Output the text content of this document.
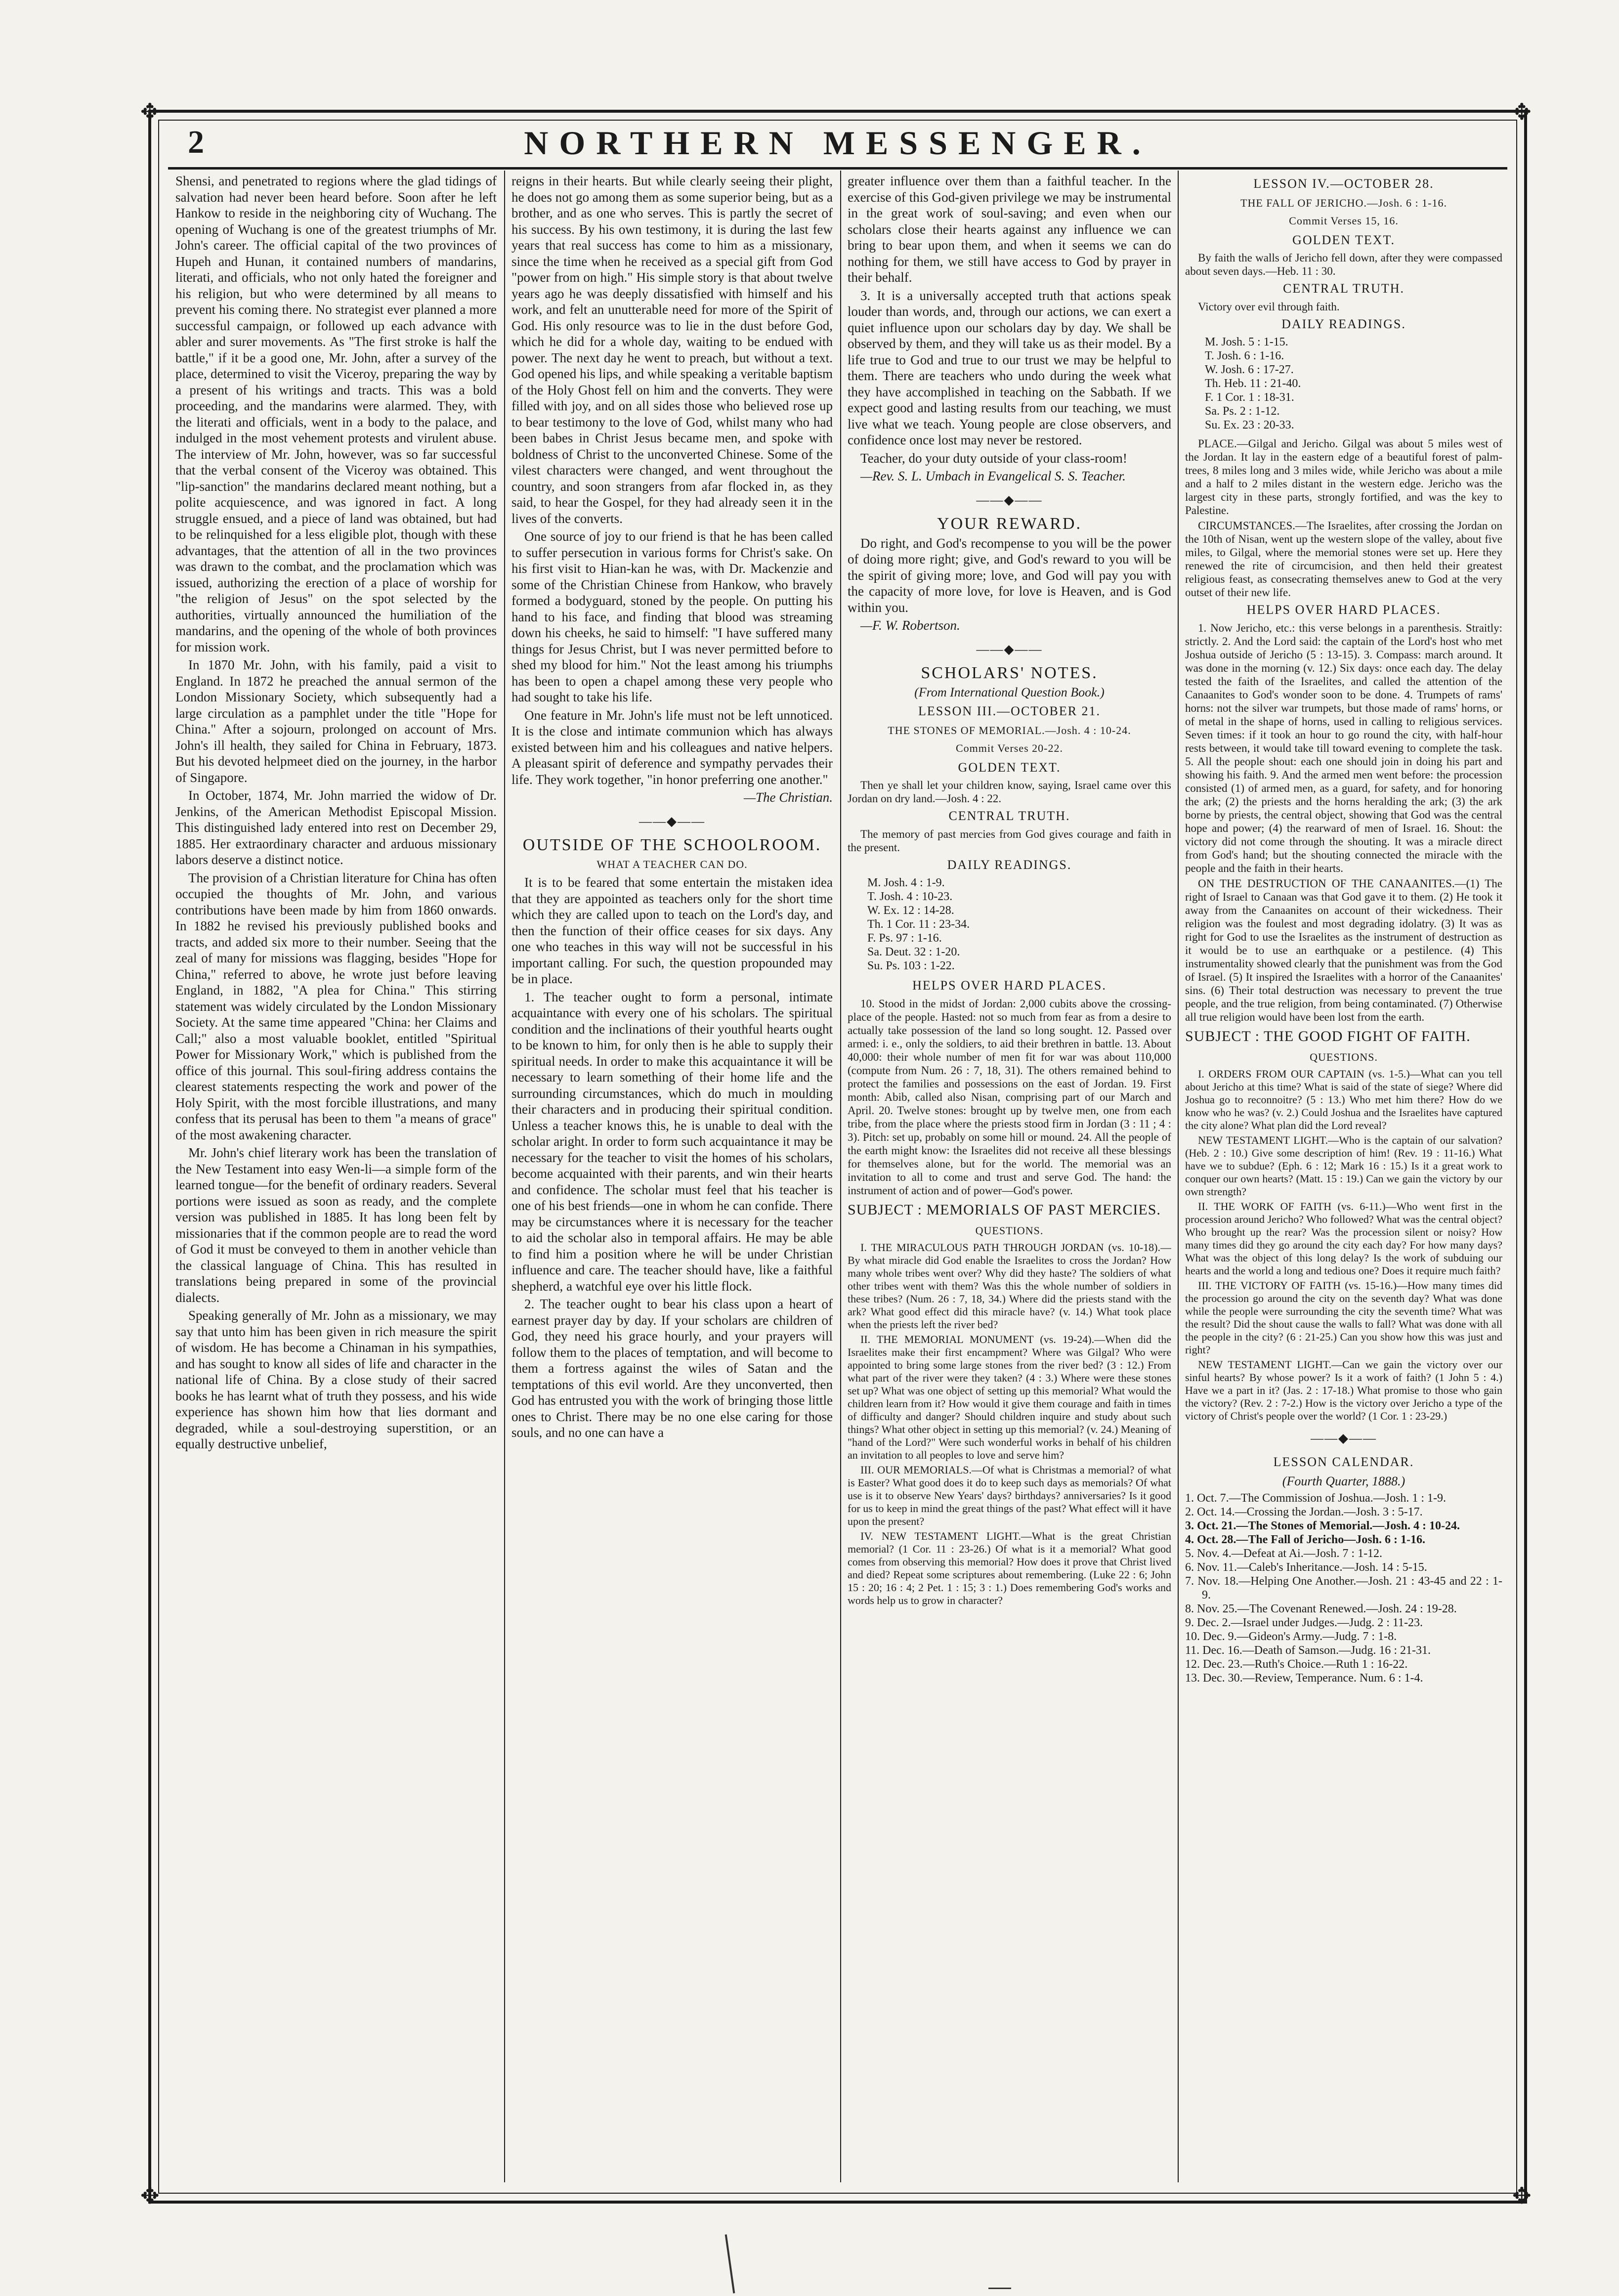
✥	✥
✥	✥
2	NORTHERN MESSENGER.

Shensi, and penetrated to regions where the glad tidings of salvation had never been heard before. Soon after he left Hankow to reside in the neighboring city of Wuchang. The opening of Wuchang is one of the greatest triumphs of Mr. John's career. The official capital of the two provinces of Hupeh and Hunan, it contained numbers of mandarins, literati, and officials, who not only hated the foreigner and his religion, but who were determined by all means to prevent his coming there. No strategist ever planned a more successful campaign, or followed up each advance with abler and surer movements. As "The first stroke is half the battle," if it be a good one, Mr. John, after a survey of the place, determined to visit the Viceroy, preparing the way by a present of his writings and tracts. This was a bold proceeding, and the mandarins were alarmed. They, with the literati and officials, went in a body to the palace, and indulged in the most vehement protests and virulent abuse. The interview of Mr. John, however, was so far successful that the verbal consent of the Viceroy was obtained. This "lip-sanction" the mandarins declared meant nothing, but a polite acquiescence, and was ignored in fact. A long struggle ensued, and a piece of land was obtained, but had to be relinquished for a less eligible plot, though with these advantages, that the attention of all in the two provinces was drawn to the combat, and the proclamation which was issued, authorizing the erection of a place of worship for "the religion of Jesus" on the spot selected by the authorities, virtually announced the humiliation of the mandarins, and the opening of the whole of both provinces for mission work.

In 1870 Mr. John, with his family, paid a visit to England. In 1872 he preached the annual sermon of the London Missionary Society, which subsequently had a large circulation as a pamphlet under the title "Hope for China." After a sojourn, prolonged on account of Mrs. John's ill health, they sailed for China in February, 1873. But his devoted helpmeet died on the journey, in the harbor of Singapore.

In October, 1874, Mr. John married the widow of Dr. Jenkins, of the American Methodist Episcopal Mission. This distinguished lady entered into rest on December 29, 1885. Her extraordinary character and arduous missionary labors deserve a distinct notice.

The provision of a Christian literature for China has often occupied the thoughts of Mr. John, and various contributions have been made by him from 1860 onwards. In 1882 he revised his previously published books and tracts, and added six more to their number. Seeing that the zeal of many for missions was flagging, besides "Hope for China," referred to above, he wrote just before leaving England, in 1882, "A plea for China." This stirring statement was widely circulated by the London Missionary Society. At the same time appeared "China: her Claims and Call;" also a most valuable booklet, entitled "Spiritual Power for Missionary Work," which is published from the office of this journal. This soul-firing address contains the clearest statements respecting the work and power of the Holy Spirit, with the most forcible illustrations, and many confess that its perusal has been to them "a means of grace" of the most awakening character.

Mr. John's chief literary work has been the translation of the New Testament into easy Wen-li—a simple form of the learned tongue—for the benefit of ordinary readers. Several portions were issued as soon as ready, and the complete version was published in 1885. It has long been felt by missionaries that if the common people are to read the word of God it must be conveyed to them in another vehicle than the classical language of China. This has resulted in translations being prepared in some of the provincial dialects.

Speaking generally of Mr. John as a missionary, we may say that unto him has been given in rich measure the spirit of wisdom. He has become a Chinaman in his sympathies, and has sought to know all sides of life and character in the national life of China. By a close study of their sacred books he has learnt what of truth they possess, and his wide experience has shown him how that lies dormant and degraded, while a soul-destroying superstition, or an equally destructive unbelief,

reigns in their hearts. But while clearly seeing their plight, he does not go among them as some superior being, but as a brother, and as one who serves. This is partly the secret of his success. By his own testimony, it is during the last few years that real success has come to him as a missionary, since the time when he received as a special gift from God "power from on high." His simple story is that about twelve years ago he was deeply dissatisfied with himself and his work, and felt an unutterable need for more of the Spirit of God. His only resource was to lie in the dust before God, which he did for a whole day, waiting to be endued with power. The next day he went to preach, but without a text. God opened his lips, and while speaking a veritable baptism of the Holy Ghost fell on him and the converts. They were filled with joy, and on all sides those who believed rose up to bear testimony to the love of God, whilst many who had been babes in Christ Jesus became men, and spoke with boldness of Christ to the unconverted Chinese. Some of the vilest characters were changed, and went throughout the country, and soon strangers from afar flocked in, as they said, to hear the Gospel, for they had already seen it in the lives of the converts.

One source of joy to our friend is that he has been called to suffer persecution in various forms for Christ's sake. On his first visit to Hian-kan he was, with Dr. Mackenzie and some of the Christian Chinese from Hankow, who bravely formed a bodyguard, stoned by the people. On putting his hand to his face, and finding that blood was streaming down his cheeks, he said to himself: "I have suffered many things for Jesus Christ, but I was never permitted before to shed my blood for him." Not the least among his triumphs has been to open a chapel among these very people who had sought to take his life.

One feature in Mr. John's life must not be left unnoticed. It is the close and intimate communion which has always existed between him and his colleagues and native helpers. A pleasant spirit of deference and sympathy pervades their life. They work together, "in honor preferring one another."

—The Christian.

——◆——
OUTSIDE OF THE SCHOOLROOM.
WHAT A TEACHER CAN DO.

It is to be feared that some entertain the mistaken idea that they are appointed as teachers only for the short time which they are called upon to teach on the Lord's day, and then the function of their office ceases for six days. Any one who teaches in this way will not be successful in his important calling. For such, the question propounded may be in place.

1. The teacher ought to form a personal, intimate acquaintance with every one of his scholars. The spiritual condition and the inclinations of their youthful hearts ought to be known to him, for only then is he able to supply their spiritual needs. In order to make this acquaintance it will be necessary to learn something of their home life and the surrounding circumstances, which do much in moulding their characters and in producing their spiritual condition. Unless a teacher knows this, he is unable to deal with the scholar aright. In order to form such acquaintance it may be necessary for the teacher to visit the homes of his scholars, become acquainted with their parents, and win their hearts and confidence. The scholar must feel that his teacher is one of his best friends—one in whom he can confide. There may be circumstances where it is necessary for the teacher to aid the scholar also in temporal affairs. He may be able to find him a position where he will be under Christian influence and care. The teacher should have, like a faithful shepherd, a watchful eye over his little flock.

2. The teacher ought to bear his class upon a heart of earnest prayer day by day. If your scholars are children of God, they need his grace hourly, and your prayers will follow them to the places of temptation, and will become to them a fortress against the wiles of Satan and the temptations of this evil world. Are they unconverted, then God has entrusted you with the work of bringing those little ones to Christ. There may be no one else caring for those souls, and no one can have a

greater influence over them than a faithful teacher. In the exercise of this God-given privilege we may be instrumental in the great work of soul-saving; and even when our scholars close their hearts against any influence we can bring to bear upon them, and when it seems we can do nothing for them, we still have access to God by prayer in their behalf.

3. It is a universally accepted truth that actions speak louder than words, and, through our actions, we can exert a quiet influence upon our scholars day by day. We shall be observed by them, and they will take us as their model. By a life true to God and true to our trust we may be helpful to them. There are teachers who undo during the week what they have accomplished in teaching on the Sabbath. If we expect good and lasting results from our teaching, we must live what we teach. Young people are close observers, and confidence once lost may never be restored.

Teacher, do your duty outside of your class-room!

—Rev. S. L. Umbach in Evangelical S. S. Teacher.

——◆——
YOUR REWARD.

Do right, and God's recompense to you will be the power of doing more right; give, and God's reward to you will be the spirit of giving more; love, and God will pay you with the capacity of more love, for love is Heaven, and is God within you.

—F. W. Robertson.

——◆——
SCHOLARS' NOTES.
(From International Question Book.)
LESSON III.—OCTOBER 21.
THE STONES OF MEMORIAL.—Josh. 4 : 10-24.
Commit Verses 20-22.
GOLDEN TEXT.

Then ye shall let your children know, saying, Israel came over this Jordan on dry land.—Josh. 4 : 22.

CENTRAL TRUTH.

The memory of past mercies from God gives courage and faith in the present.

DAILY READINGS.
M. Josh. 4 : 1-9.
T. Josh. 4 : 10-23.
W. Ex. 12 : 14-28.
Th. 1 Cor. 11 : 23-34.
F. Ps. 97 : 1-16.
Sa. Deut. 32 : 1-20.
Su. Ps. 103 : 1-22.
HELPS OVER HARD PLACES.

10. Stood in the midst of Jordan: 2,000 cubits above the crossing-place of the people. Hasted: not so much from fear as from a desire to actually take possession of the land so long sought. 12. Passed over armed: i. e., only the soldiers, to aid their brethren in battle. 13. About 40,000: their whole number of men fit for war was about 110,000 (compute from Num. 26 : 7, 18, 31). The others remained behind to protect the families and possessions on the east of Jordan. 19. First month: Abib, called also Nisan, comprising part of our March and April. 20. Twelve stones: brought up by twelve men, one from each tribe, from the place where the priests stood firm in Jordan (3 : 11 ; 4 : 3). Pitch: set up, probably on some hill or mound. 24. All the people of the earth might know: the Israelites did not receive all these blessings for themselves alone, but for the world. The memorial was an invitation to all to come and trust and serve God. The hand: the instrument of action and of power—God's power.

SUBJECT : MEMORIALS OF PAST MERCIES.
QUESTIONS.

I. THE MIRACULOUS PATH THROUGH JORDAN (vs. 10-18).—By what miracle did God enable the Israelites to cross the Jordan? How many whole tribes went over? Why did they haste? The soldiers of what other tribes went with them? Was this the whole number of soldiers in these tribes? (Num. 26 : 7, 18, 34.) Where did the priests stand with the ark? What good effect did this miracle have? (v. 14.) What took place when the priests left the river bed?

II. THE MEMORIAL MONUMENT (vs. 19-24).—When did the Israelites make their first encampment? Where was Gilgal? Who were appointed to bring some large stones from the river bed? (3 : 12.) From what part of the river were they taken? (4 : 3.) Where were these stones set up? What was one object of setting up this memorial? What would the children learn from it? How would it give them courage and faith in times of difficulty and danger? Should children inquire and study about such things? What other object in setting up this memorial? (v. 24.) Meaning of "hand of the Lord?" Were such wonderful works in behalf of his children an invitation to all peoples to love and serve him?

III. OUR MEMORIALS.—Of what is Christmas a memorial? of what is Easter? What good does it do to keep such days as memorials? Of what use is it to observe New Years' days? birthdays? anniversaries? Is it good for us to keep in mind the great things of the past? What effect will it have upon the present?

IV. NEW TESTAMENT LIGHT.—What is the great Christian memorial? (1 Cor. 11 : 23-26.) Of what is it a memorial? What good comes from observing this memorial? How does it prove that Christ lived and died? Repeat some scriptures about remembering. (Luke 22 : 6; John 15 : 20; 16 : 4; 2 Pet. 1 : 15; 3 : 1.) Does remembering God's works and words help us to grow in character?

LESSON IV.—OCTOBER 28.
THE FALL OF JERICHO.—Josh. 6 : 1-16.
Commit Verses 15, 16.
GOLDEN TEXT.

By faith the walls of Jericho fell down, after they were compassed about seven days.—Heb. 11 : 30.

CENTRAL TRUTH.

Victory over evil through faith.

DAILY READINGS.
M. Josh. 5 : 1-15.
T. Josh. 6 : 1-16.
W. Josh. 6 : 17-27.
Th. Heb. 11 : 21-40.
F. 1 Cor. 1 : 18-31.
Sa. Ps. 2 : 1-12.
Su. Ex. 23 : 20-33.

PLACE.—Gilgal and Jericho. Gilgal was about 5 miles west of the Jordan. It lay in the eastern edge of a beautiful forest of palm-trees, 8 miles long and 3 miles wide, while Jericho was about a mile and a half to 2 miles distant in the western edge. Jericho was the largest city in these parts, strongly fortified, and was the key to Palestine.

CIRCUMSTANCES.—The Israelites, after crossing the Jordan on the 10th of Nisan, went up the western slope of the valley, about five miles, to Gilgal, where the memorial stones were set up. Here they renewed the rite of circumcision, and then held their greatest religious feast, as consecrating themselves anew to God at the very outset of their new life.

HELPS OVER HARD PLACES.

1. Now Jericho, etc.: this verse belongs in a parenthesis. Straitly: strictly. 2. And the Lord said: the captain of the Lord's host who met Joshua outside of Jericho (5 : 13-15). 3. Compass: march around. It was done in the morning (v. 12.) Six days: once each day. The delay tested the faith of the Israelites, and called the attention of the Canaanites to God's wonder soon to be done. 4. Trumpets of rams' horns: not the silver war trumpets, but those made of rams' horns, or of metal in the shape of horns, used in calling to religious services. Seven times: if it took an hour to go round the city, with half-hour rests between, it would take till toward evening to complete the task. 5. All the people shout: each one should join in doing his part and showing his faith. 9. And the armed men went before: the procession consisted (1) of armed men, as a guard, for safety, and for honoring the ark; (2) the priests and the horns heralding the ark; (3) the ark borne by priests, the central object, showing that God was the central hope and power; (4) the rearward of men of Israel. 16. Shout: the victory did not come through the shouting. It was a miracle direct from God's hand; but the shouting connected the miracle with the people and the faith in their hearts.

ON THE DESTRUCTION OF THE CANAANITES.—(1) The right of Israel to Canaan was that God gave it to them. (2) He took it away from the Canaanites on account of their wickedness. Their religion was the foulest and most degrading idolatry. (3) It was as right for God to use the Israelites as the instrument of destruction as it would be to use an earthquake or a pestilence. (4) This instrumentality showed clearly that the punishment was from the God of Israel. (5) It inspired the Israelites with a horror of the Canaanites' sins. (6) Their total destruction was necessary to prevent the true people, and the true religion, from being contaminated. (7) Otherwise all true religion would have been lost from the earth.

SUBJECT : THE GOOD FIGHT OF FAITH.
QUESTIONS.

I. ORDERS FROM OUR CAPTAIN (vs. 1-5.)—What can you tell about Jericho at this time? What is said of the state of siege? Where did Joshua go to reconnoitre? (5 : 13.) Who met him there? How do we know who he was? (v. 2.) Could Joshua and the Israelites have captured the city alone? What plan did the Lord reveal?

NEW TESTAMENT LIGHT.—Who is the captain of our salvation? (Heb. 2 : 10.) Give some description of him! (Rev. 19 : 11-16.) What have we to subdue? (Eph. 6 : 12; Mark 16 : 15.) Is it a great work to conquer our own hearts? (Matt. 15 : 19.) Can we gain the victory by our own strength?

II. THE WORK OF FAITH (vs. 6-11.)—Who went first in the procession around Jericho? Who followed? What was the central object? Who brought up the rear? Was the procession silent or noisy? How many times did they go around the city each day? For how many days? What was the object of this long delay? Is the work of subduing our hearts and the world a long and tedious one? Does it require much faith?

III. THE VICTORY OF FAITH (vs. 15-16.)—How many times did the procession go around the city on the seventh day? What was done while the people were surrounding the city the seventh time? What was the result? Did the shout cause the walls to fall? What was done with all the people in the city? (6 : 21-25.) Can you show how this was just and right?

NEW TESTAMENT LIGHT.—Can we gain the victory over our sinful hearts? By whose power? Is it a work of faith? (1 John 5 : 4.) Have we a part in it? (Jas. 2 : 17-18.) What promise to those who gain the victory? (Rev. 2 : 7-2.) How is the victory over Jericho a type of the victory of Christ's people over the world? (1 Cor. 1 : 23-29.)

——◆——
LESSON CALENDAR.
(Fourth Quarter, 1888.)
1. Oct. 7.—The Commission of Joshua.—Josh. 1 : 1-9.
2. Oct. 14.—Crossing the Jordan.—Josh. 3 : 5-17.
3. Oct. 21.—The Stones of Memorial.—Josh. 4 : 10-24.
4. Oct. 28.—The Fall of Jericho—Josh. 6 : 1-16.
5. Nov. 4.—Defeat at Ai.—Josh. 7 : 1-12.
6. Nov. 11.—Caleb's Inheritance.—Josh. 14 : 5-15.
7. Nov. 18.—Helping One Another.—Josh. 21 : 43-45 and 22 : 1-9.
8. Nov. 25.—The Covenant Renewed.—Josh. 24 : 19-28.
9. Dec. 2.—Israel under Judges.—Judg. 2 : 11-23.
10. Dec. 9.—Gideon's Army.—Judg. 7 : 1-8.
11. Dec. 16.—Death of Samson.—Judg. 16 : 21-31.
12. Dec. 23.—Ruth's Choice.—Ruth 1 : 16-22.
13. Dec. 30.—Review, Temperance. Num. 6 : 1-4.
